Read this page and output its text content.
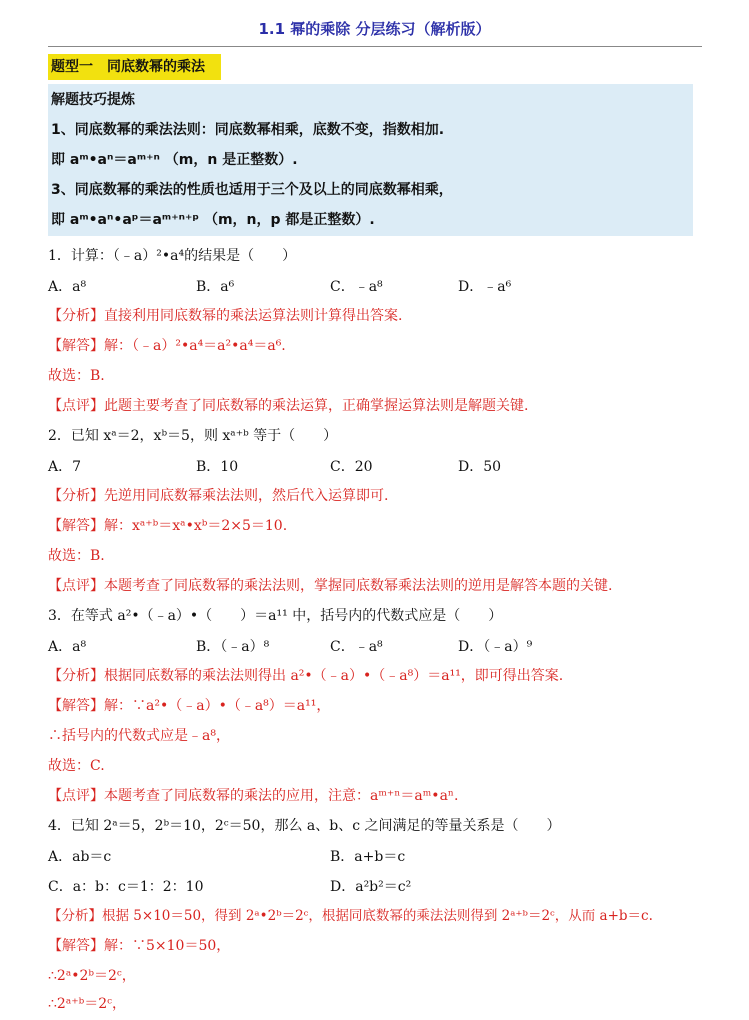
1.1 幂的乘除 分层练习（解析版）
题型一　同底数幂的乘法
解题技巧提炼
1、同底数幂的乘法法则：同底数幂相乘，底数不变，指数相加.
即 aᵐ•aⁿ＝aᵐ⁺ⁿ （m，n 是正整数）.
3、同底数幂的乘法的性质也适用于三个及以上的同底数幂相乘，
即 aᵐ•aⁿ•aᵖ＝aᵐ⁺ⁿ⁺ᵖ （m，n，p 都是正整数）.
1．计算：（﹣a）²•a⁴的结果是（　　）
A．a⁸	B．a⁶	C．﹣a⁸	D．﹣a⁶
【分析】直接利用同底数幂的乘法运算法则计算得出答案.
【解答】解：（﹣a）²•a⁴＝a²•a⁴＝a⁶.
故选：B.
【点评】此题主要考查了同底数幂的乘法运算，正确掌握运算法则是解题关键.
2．已知 xᵃ＝2，xᵇ＝5，则 xᵃ⁺ᵇ 等于（　　）
A．7	B．10	C．20	D．50
【分析】先逆用同底数幂乘法法则，然后代入运算即可.
【解答】解：xᵃ⁺ᵇ＝xᵃ•xᵇ＝2×5＝10.
故选：B.
【点评】本题考查了同底数幂的乘法法则，掌握同底数幂乘法法则的逆用是解答本题的关键.
3．在等式 a²•（﹣a）•（　　）＝a¹¹ 中，括号内的代数式应是（　　）
A．a⁸	B．（﹣a）⁸	C．﹣a⁸	D．（﹣a）⁹
【分析】根据同底数幂的乘法法则得出 a²•（﹣a）•（﹣a⁸）＝a¹¹，即可得出答案.
【解答】解：∵a²•（﹣a）•（﹣a⁸）＝a¹¹，
∴括号内的代数式应是﹣a⁸，
故选：C.
【点评】本题考查了同底数幂的乘法的应用，注意：aᵐ⁺ⁿ＝aᵐ•aⁿ.
4．已知 2ᵃ＝5，2ᵇ＝10，2ᶜ＝50，那么 a、b、c 之间满足的等量关系是（　　）
A．ab＝c	B．a+b＝c
C．a：b：c＝1：2：10	D．a²b²＝c²
【分析】根据 5×10＝50，得到 2ᵃ•2ᵇ＝2ᶜ，根据同底数幂的乘法法则得到 2ᵃ⁺ᵇ＝2ᶜ，从而 a+b＝c.
【解答】解：∵5×10＝50，
∴2ᵃ•2ᵇ＝2ᶜ，
∴2ᵃ⁺ᵇ＝2ᶜ，
